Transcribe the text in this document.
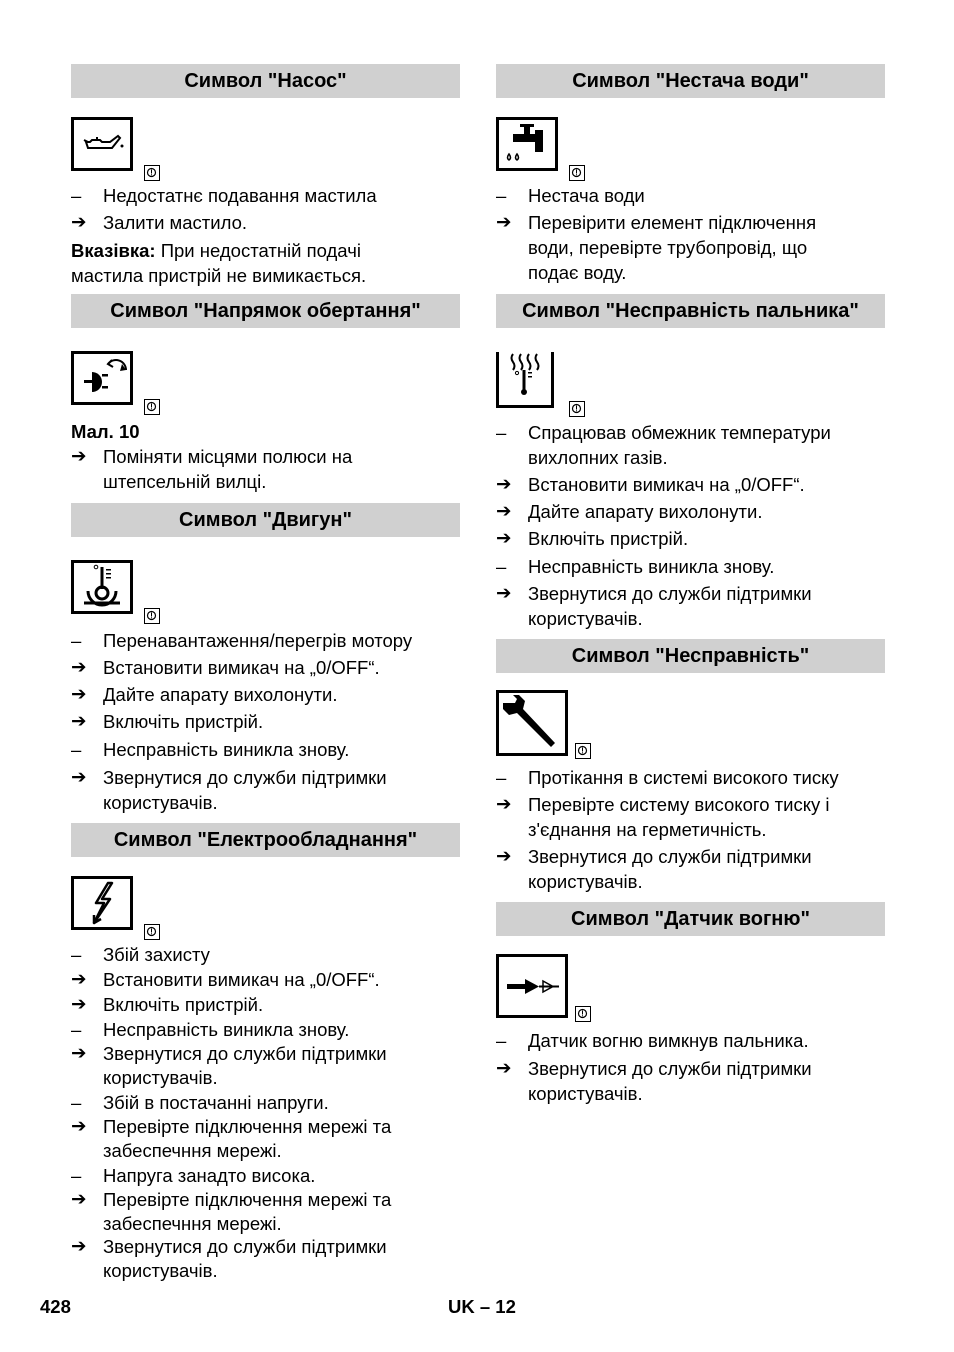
Символ "Насос"
–	Недостатнє подавання мастила
➔ Залити мастило.
Вказівка: При недостатній подачі
мастила пристрій не вимикається.
Символ "Напрямок обертання"
Мал. 10
➔ Поміняти місцями полюси на
штепсельній вилці.
Символ "Двигун"
–	Перенавантаження/перегрів мотору
➔ Встановити вимикач на „0/OFF“.
➔ Дайте апарату вихолонути.
➔ Включіть пристрій.
–	Несправність виникла знову.
➔ Звернутися до служби підтримки
користувачів.
Символ "Електрообладнання"
–	Збій захисту
➔ Встановити вимикач на „0/OFF“.
➔ Включіть пристрій.
–	Несправність виникла знову.
➔ Звернутися до служби підтримки
користувачів.
–	Збій в постачанні напруги.
➔ Перевірте підключення мережі та
забеспечння мережі.
–	Напруга занадто висока.
➔ Перевірте підключення мережі та
забеспечння мережі.
➔ Звернутися до служби підтримки
користувачів.
Символ "Нестача води"
–	Нестача води
➔ Перевірити елемент підключення
води, перевірте трубопровід, що
подає воду.
Символ "Несправність пальника"
–	Спрацював обмежник температури
вихлопних газів.
➔ Встановити вимикач на „0/OFF“.
➔ Дайте апарату вихолонути.
➔ Включіть пристрій.
–	Несправність виникла знову.
➔ Звернутися до служби підтримки
користувачів.
Символ "Несправність"
–	Протікання в системі високого тиску
➔ Перевірте систему високого тиску і
з'єднання на герметичність.
➔ Звернутися до служби підтримки
користувачів.
Символ "Датчик вогню"
–	Датчик вогню вимкнув пальника.
➔ Звернутися до служби підтримки
користувачів.
428	UK – 12
